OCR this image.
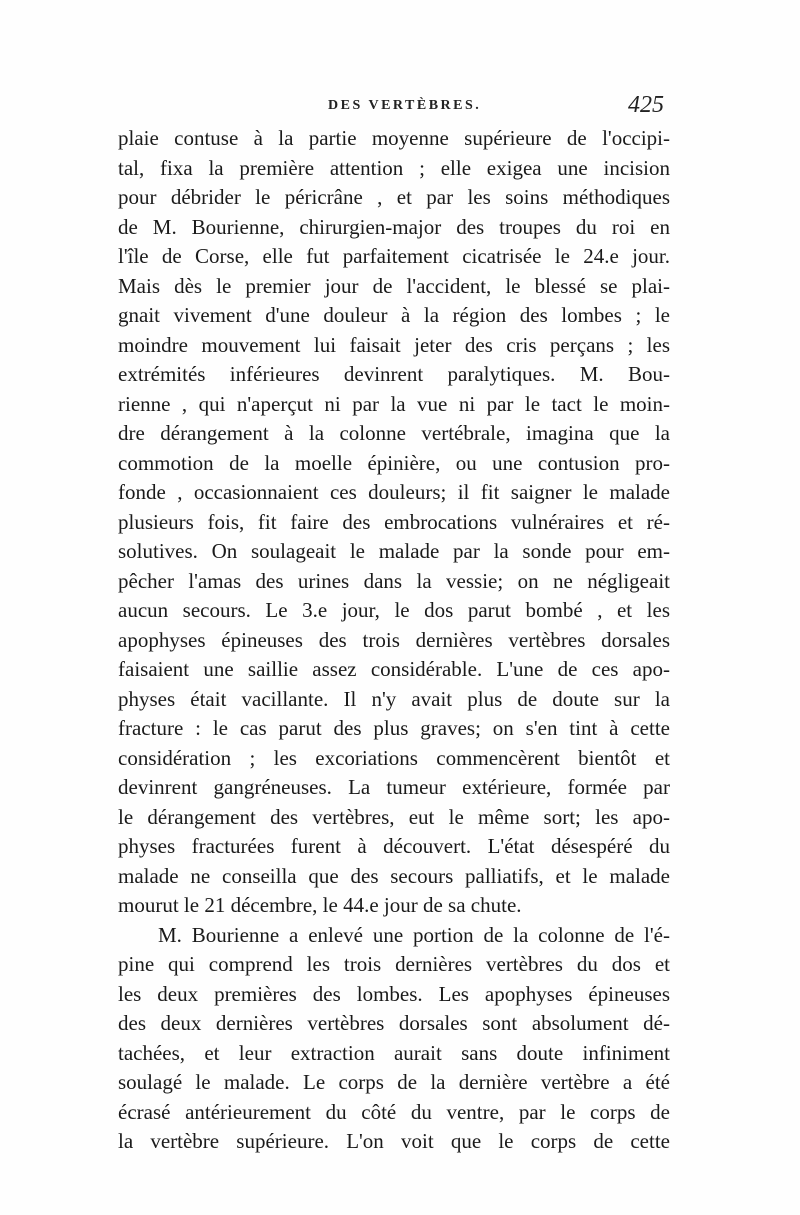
DES VERTÈBRES.	425
plaie contuse à la partie moyenne supérieure de l'occipi-
tal, fixa la première attention ; elle exigea une incision
pour débrider le péricrâne , et par les soins méthodiques
de M. Bourienne, chirurgien-major des troupes du roi en
l'île de Corse, elle fut parfaitement cicatrisée le 24.e jour.
Mais dès le premier jour de l'accident, le blessé se plai-
gnait vivement d'une douleur à la région des lombes ; le
moindre mouvement lui faisait jeter des cris perçans ; les
extrémités inférieures devinrent paralytiques. M. Bou-
rienne , qui n'aperçut ni par la vue ni par le tact le moin-
dre dérangement à la colonne vertébrale, imagina que la
commotion de la moelle épinière, ou une contusion pro-
fonde , occasionnaient ces douleurs; il fit saigner le malade
plusieurs fois, fit faire des embrocations vulnéraires et ré-
solutives. On soulageait le malade par la sonde pour em-
pêcher l'amas des urines dans la vessie; on ne négligeait
aucun secours. Le 3.e jour, le dos parut bombé , et les
apophyses épineuses des trois dernières vertèbres dorsales
faisaient une saillie assez considérable. L'une de ces apo-
physes était vacillante. Il n'y avait plus de doute sur la
fracture : le cas parut des plus graves; on s'en tint à cette
considération ; les excoriations commencèrent bientôt et
devinrent gangréneuses. La tumeur extérieure, formée par
le dérangement des vertèbres, eut le même sort; les apo-
physes fracturées furent à découvert. L'état désespéré du
malade ne conseilla que des secours palliatifs, et le malade
mourut le 21 décembre, le 44.e jour de sa chute.
M. Bourienne a enlevé une portion de la colonne de l'é-
pine qui comprend les trois dernières vertèbres du dos et
les deux premières des lombes. Les apophyses épineuses
des deux dernières vertèbres dorsales sont absolument dé-
tachées, et leur extraction aurait sans doute infiniment
soulagé le malade. Le corps de la dernière vertèbre a été
écrasé antérieurement du côté du ventre, par le corps de
la vertèbre supérieure. L'on voit que le corps de cette
